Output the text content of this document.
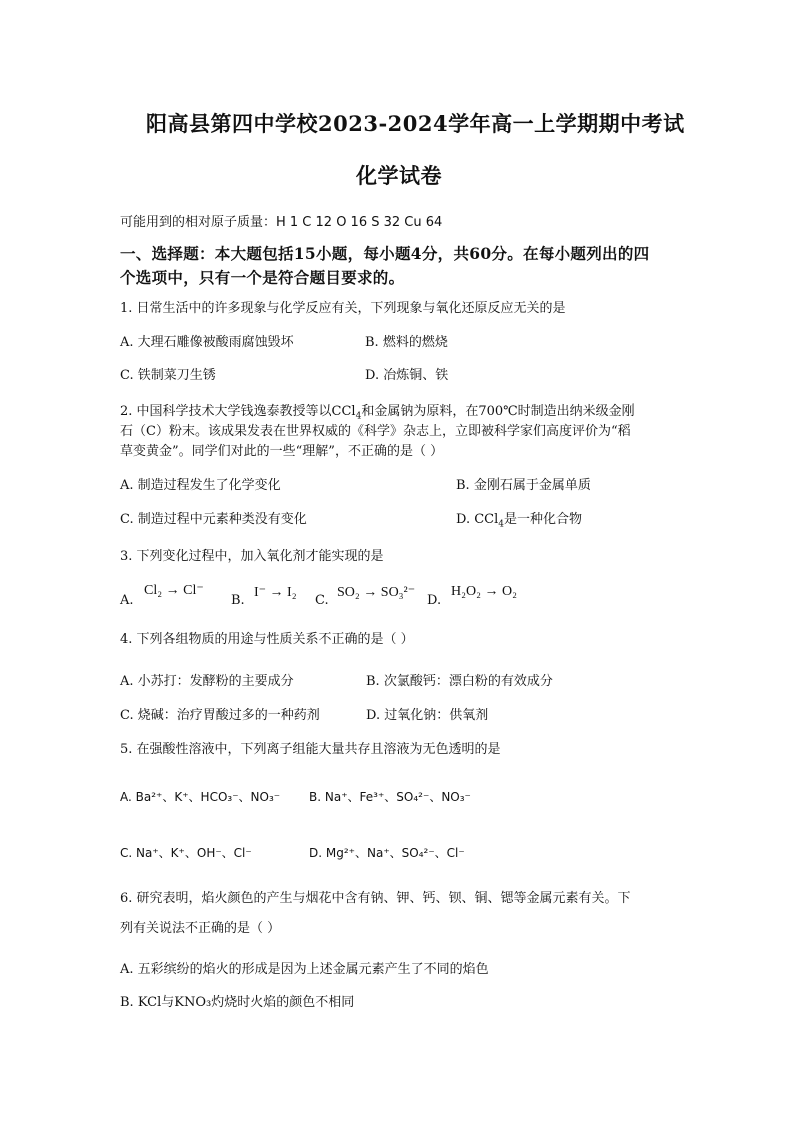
阳高县第四中学校2023-2024学年高一上学期期中考试
化学试卷
可能用到的相对原子质量：H 1 C 12 O 16 S 32 Cu 64
一、选择题：本大题包括15小题，每小题4分，共60分。在每小题列出的四
个选项中，只有一个是符合题目要求的。
1. 日常生活中的许多现象与化学反应有关，下列现象与氧化还原反应无关的是
A. 大理石雕像被酸雨腐蚀毁坏	B. 燃料的燃烧
C. 铁制菜刀生锈	D. 冶炼铜、铁
2. 中国科学技术大学钱逸泰教授等以CCl$_4$和金属钠为原料，在700℃时制造出纳米级金刚
石（C）粉末。该成果发表在世界权威的《科学》杂志上，立即被科学家们高度评价为“稻
草变黄金”。同学们对此的一些“理解”，不正确的是（ ）
A. 制造过程发生了化学变化	B. 金刚石属于金属单质
C. 制造过程中元素种类没有变化	D. CCl$_4$是一种化合物
3. 下列变化过程中，加入氧化剂才能实现的是
A.
Cl₂ → Cl⁻
B.
I⁻ → I₂
C.
SO₂ → SO₃²⁻
D.
H₂O₂ → O₂
4. 下列各组物质的用途与性质关系不正确的是（ ）
A. 小苏打：发酵粉的主要成分	B. 次氯酸钙：漂白粉的有效成分
C. 烧碱：治疗胃酸过多的一种药剂	D. 过氧化钠：供氧剂
5. 在强酸性溶液中，下列离子组能大量共存且溶液为无色透明的是
A. Ba²⁺、K⁺、HCO₃⁻、NO₃⁻ B. Na⁺、Fe³⁺、SO₄²⁻、NO₃⁻
C. Na⁺、K⁺、OH⁻、Cl⁻	D. Mg²⁺、Na⁺、SO₄²⁻、Cl⁻
6. 研究表明，焰火颜色的产生与烟花中含有钠、钾、钙、钡、铜、锶等金属元素有关。下
列有关说法不正确的是（ ）
A. 五彩缤纷的焰火的形成是因为上述金属元素产生了不同的焰色
B. KCl与KNO₃灼烧时火焰的颜色不相同
